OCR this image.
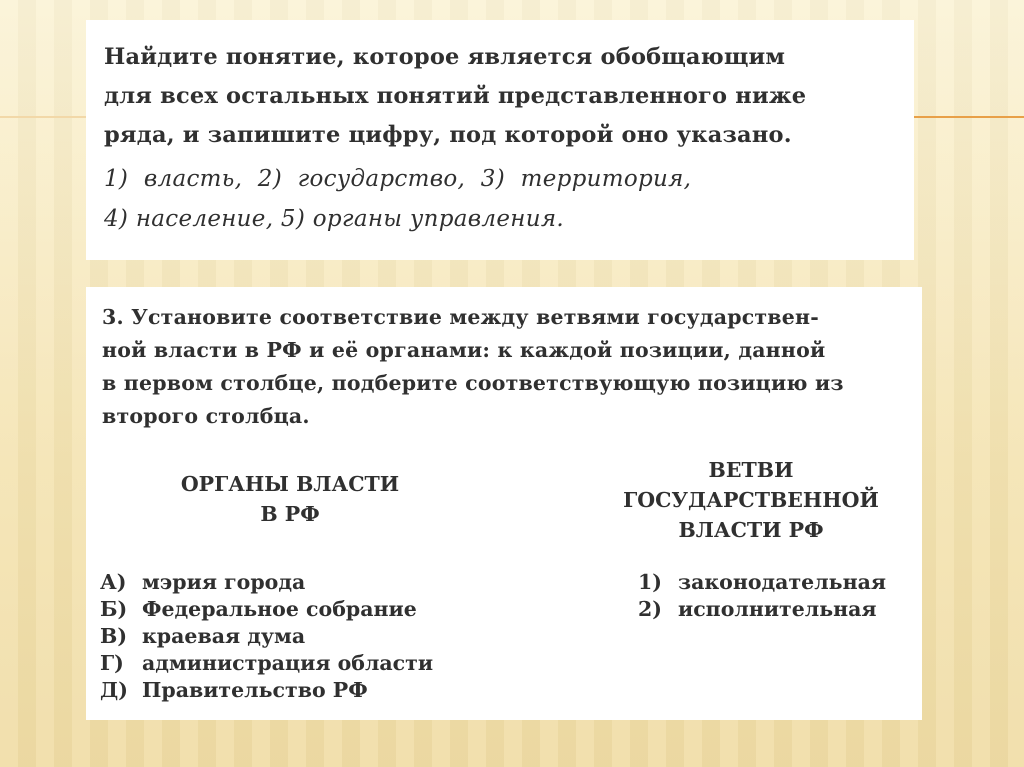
Найдите понятие, которое является обобщающим
для всех остальных понятий представленного ниже
ряда, и запишите цифру, под которой оно указано.
1) власть, 2) государство, 3) территория,
4) население, 5) органы управления.
3. Установите соответствие между ветвями государствен-
ной власти в РФ и её органами: к каждой позиции, данной
в первом столбце, подберите соответствующую позицию из
второго столбца.
ОРГАНЫ ВЛАСТИ
В РФ
ВЕТВИ
ГОСУДАРСТВЕННОЙ
ВЛАСТИ РФ
А) мэрия города
Б) Федеральное собрание
В) краевая дума
Г) администрация области
Д) Правительство РФ
1) законодательная
2) исполнительная
